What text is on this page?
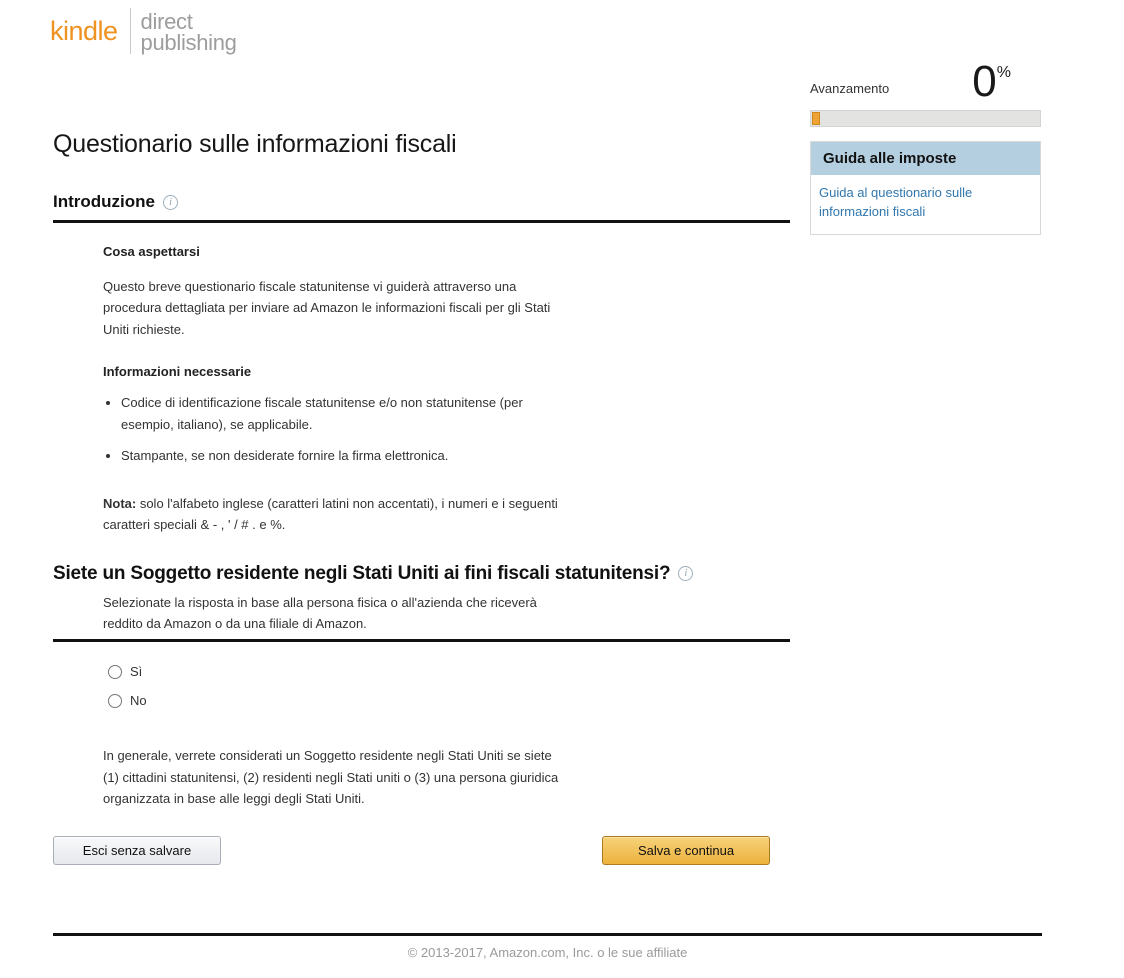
kindle direct
publishing
Avanzamento 0%
Guida alle imposte
Guida al questionario sulle informazioni fiscali
Questionario sulle informazioni fiscali
Introduzione	i
Cosa aspettarsi

Questo breve questionario fiscale statunitense vi guiderà attraverso una procedura dettagliata per inviare ad Amazon le informazioni fiscali per gli Stati Uniti richieste.

Informazioni necessarie
• Codice di identificazione fiscale statunitense e/o non statunitense (per esempio, italiano), se applicabile.
• Stampante, se non desiderate fornire la firma elettronica.

Nota: solo l'alfabeto inglese (caratteri latini non accentati), i numeri e i seguenti caratteri speciali & - , ' / # . e %.

Siete un Soggetto residente negli Stati Uniti ai fini fiscali statunitensi?	i

Selezionate la risposta in base alla persona fisica o all'azienda che riceverà reddito da Amazon o da una filiale di Amazon.

Sì
No

In generale, verrete considerati un Soggetto residente negli Stati Uniti se siete (1) cittadini statunitensi, (2) residenti negli Stati uniti o (3) una persona giuridica organizzata in base alle leggi degli Stati Uniti.

Esci senza salvare	Salva e continua
© 2013-2017, Amazon.com, Inc. o le sue affiliate
